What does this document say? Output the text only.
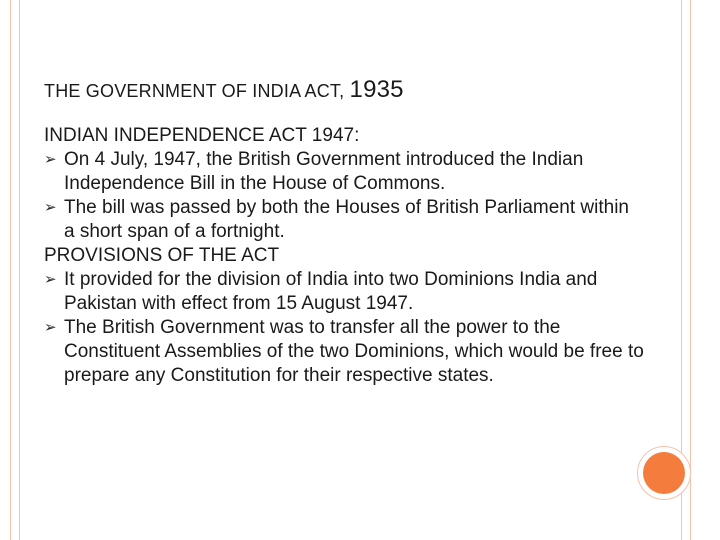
THE GOVERNMENT OF INDIA ACT, 1935

INDIAN INDEPENDENCE ACT 1947:

➢ On 4 July, 1947, the British Government introduced the Indian Independence Bill in the House of Commons.
➢ The bill was passed by both the Houses of British Parliament within a short span of a fortnight.

PROVISIONS OF THE ACT

➢ It provided for the division of India into two Dominions India and Pakistan with effect from 15 August 1947.
➢ The British Government was to transfer all the power to the Constituent Assemblies of the two Dominions, which would be free to prepare any Constitution for their respective states.
